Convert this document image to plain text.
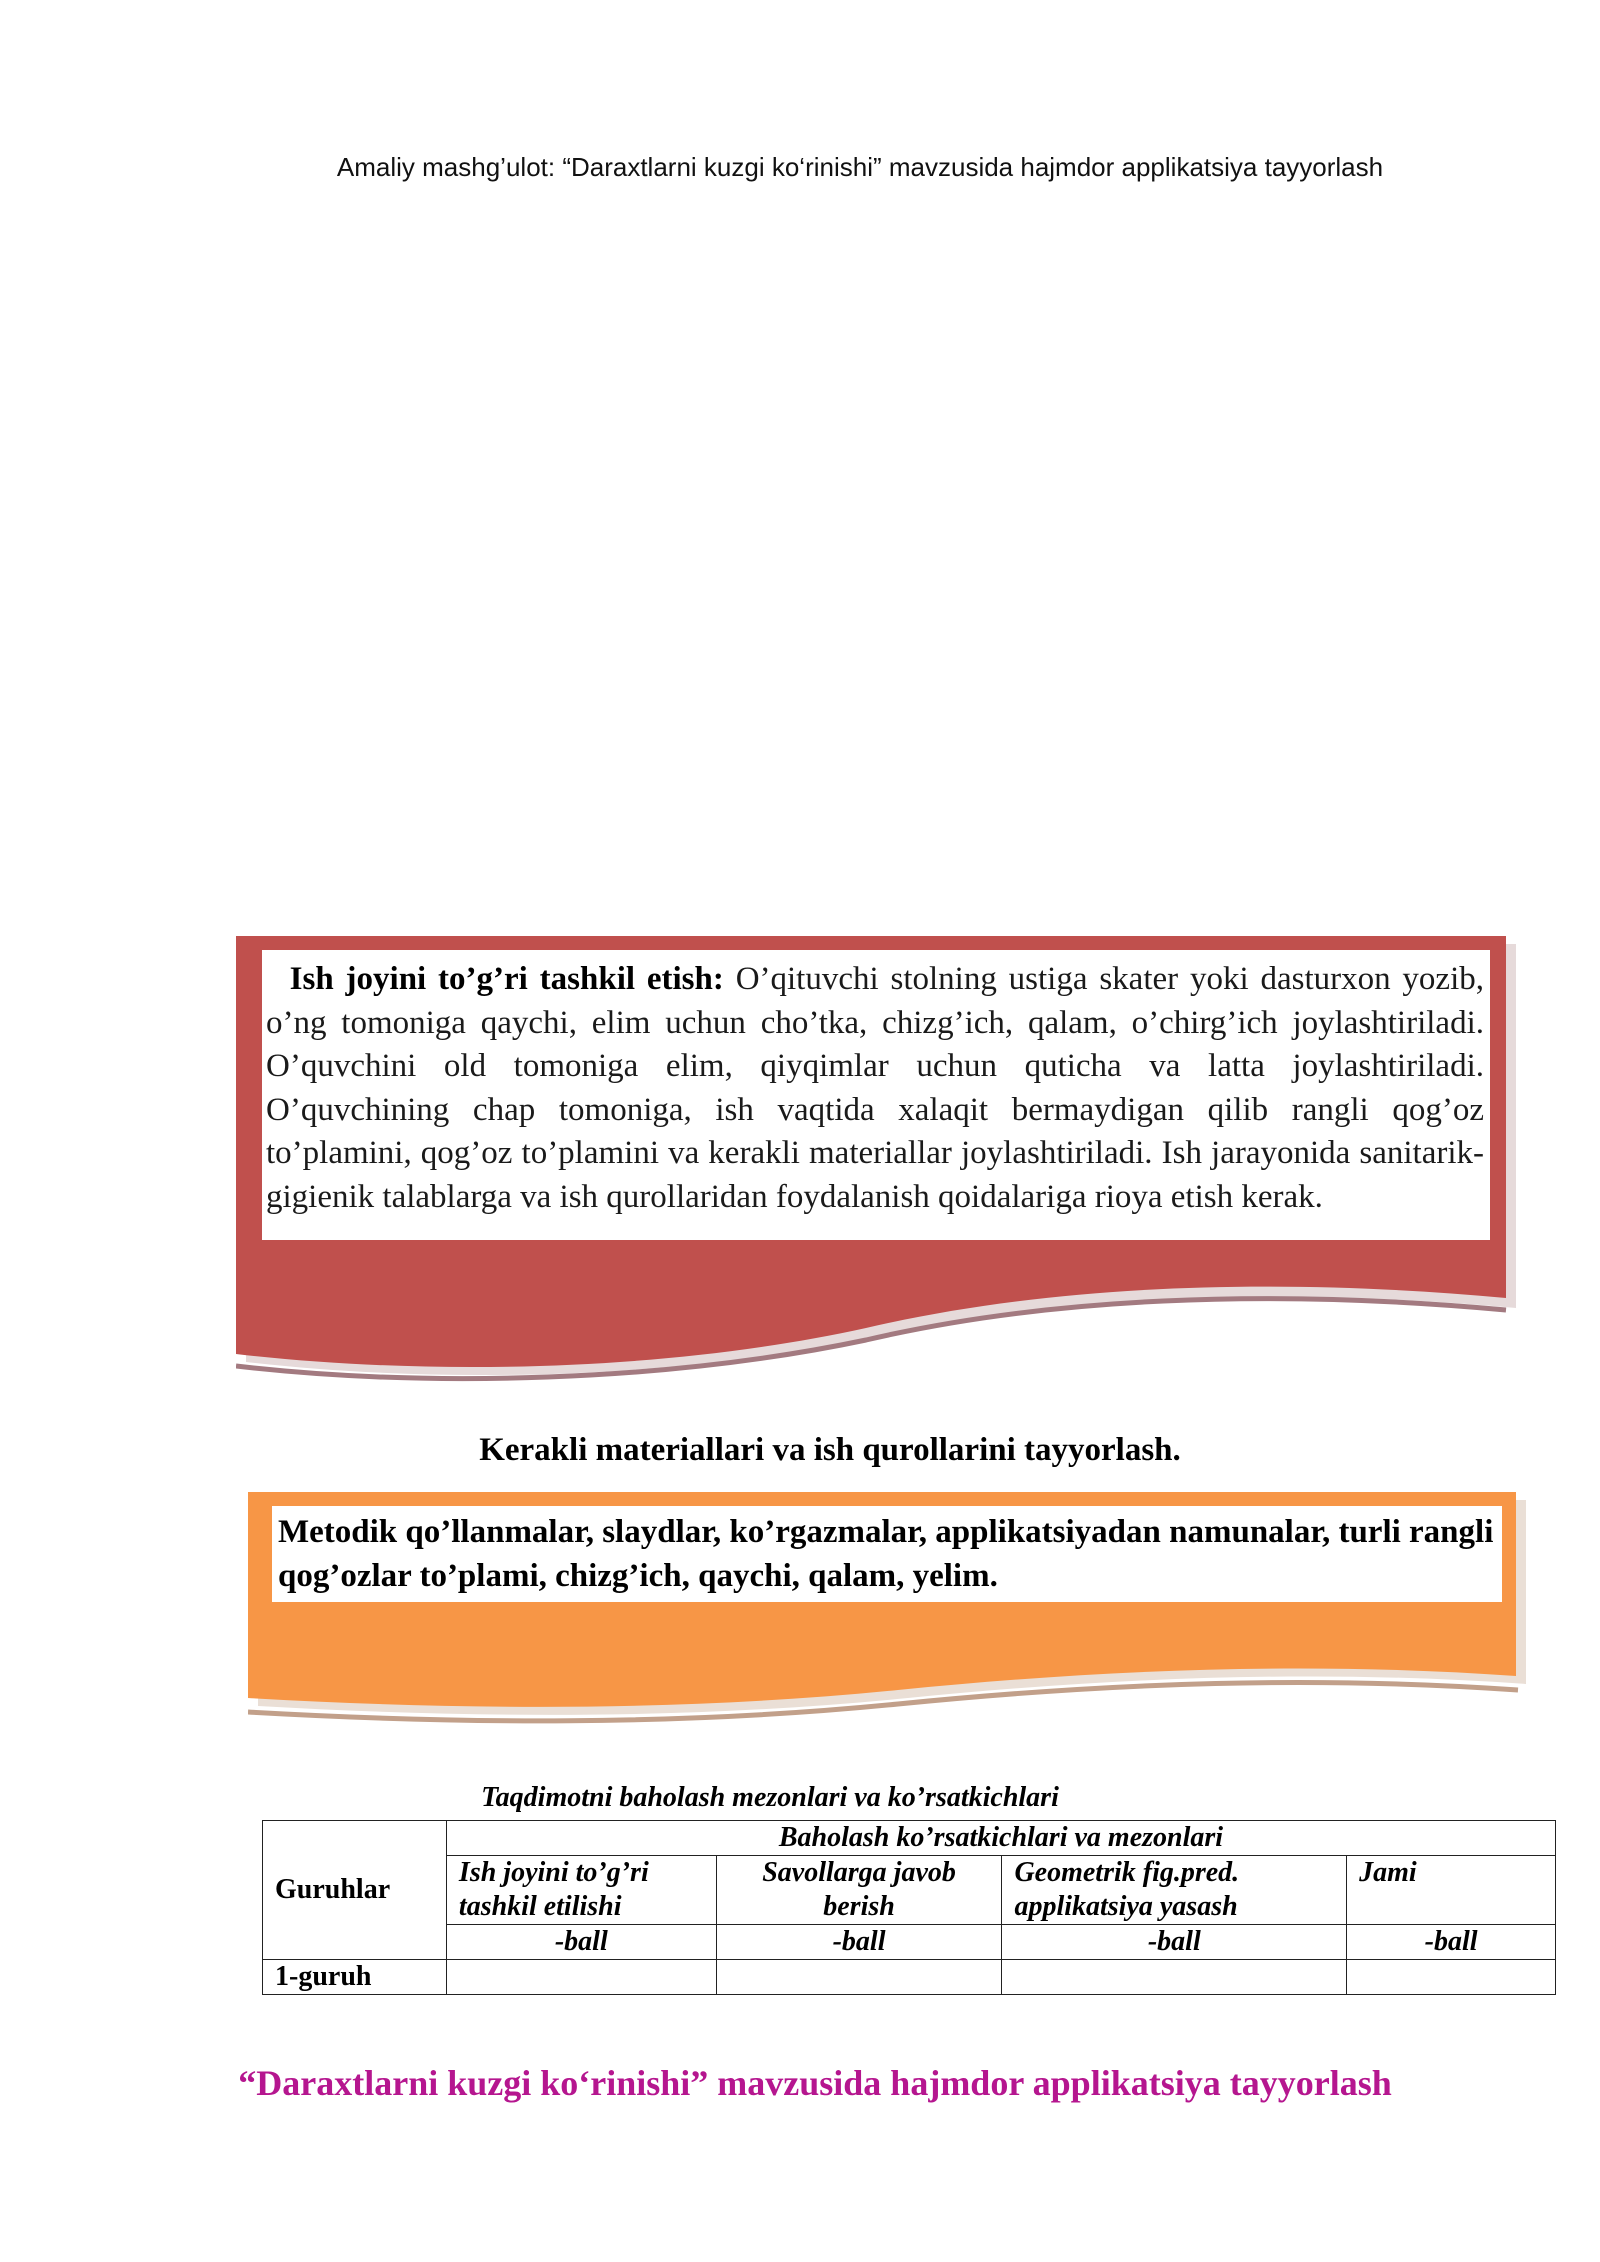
Amaliy mashg’ulot: “Daraxtlarni kuzgi ko‘rinishi” mavzusida hajmdor applikatsiya tayyorlash
Ish joyini to’g’ri tashkil etish: O’qituvchi stolning ustiga skater yoki dasturxon yozib, o’ng tomoniga qaychi, elim uchun cho’tka, chizg’ich, qalam, o’chirg’ich joylashtiriladi. O’quvchini old tomoniga elim, qiyqimlar uchun quticha va latta joylashtiriladi. O’quvchining chap tomoniga, ish vaqtida xalaqit bermaydigan qilib rangli qog’oz to’plamini, qog’oz to’plamini va kerakli materiallar joylashtiriladi. Ish jarayonida sanitarik-gigienik talablarga va ish qurollaridan foydalanish qoidalariga rioya etish kerak.
Kerakli materiallari va ish qurollarini tayyorlash.
Metodik qo’llanmalar, slaydlar, ko’rgazmalar, applikatsiyadan namunalar, turli rangli qog’ozlar to’plami, chizg’ich, qaychi, qalam, yelim.
Taqdimotni baholash mezonlari va ko’rsatkichlari
Guruhlar	Baholash ko’rsatkichlari va mezonlari			
	Ish joyini to’g’ri tashkil etilishi	Savollarga javob berish	Geometrik fig.pred. applikatsiya yasash	Jami
	-ball	-ball	-ball	-ball
1-guruh				
“Daraxtlarni kuzgi ko‘rinishi” mavzusida hajmdor applikatsiya tayyorlash
